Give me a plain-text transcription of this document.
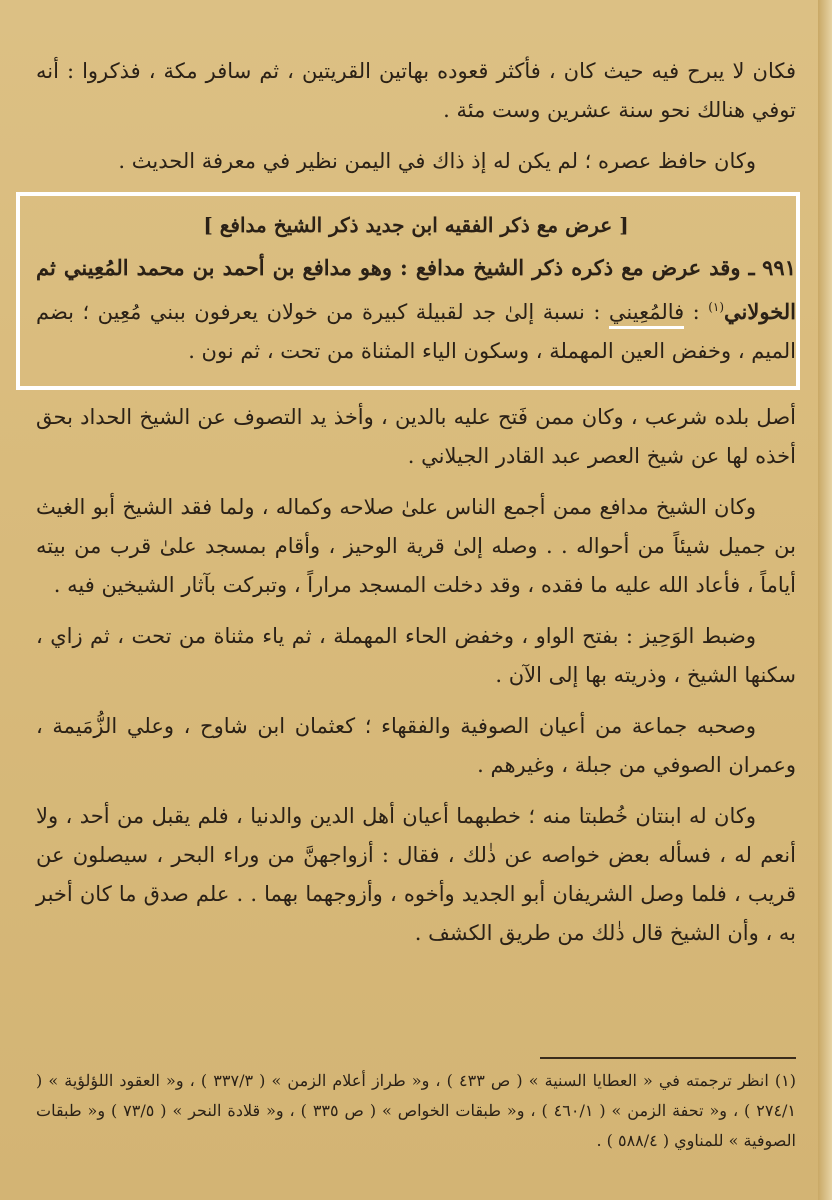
فكان لا يبرح فيه حيث كان ، فأكثر قعوده بهاتين القريتين ، ثم سافر مكة ، فذكروا : أنه توفي هنالك نحو سنة عشرين وست مئة .

وكان حافظ عصره ؛ لم يكن له إذ ذاك في اليمن نظير في معرفة الحديث .

[ عرض مع ذكر الفقيه ابن جديد ذكر الشيخ مدافع ]

٩٩١ ـ وقد عرض مع ذكره ذكر الشيخ مدافع : وهو مدافع بن أحمد بن محمد المُعِيني ثم الخولاني$^{(١)}$ : فالمُعِيني : نسبة إلىٰ جد لقبيلة كبيرة من خولان يعرفون ببني مُعِين ؛ بضم الميم ، وخفض العين المهملة ، وسكون الياء المثناة من تحت ، ثم نون .

أصل بلده شرعب ، وكان ممن فَتح عليه بالدين ، وأخذ يد التصوف عن الشيخ الحداد بحق أخذه لها عن شيخ العصر عبد القادر الجيلاني .

وكان الشيخ مدافع ممن أجمع الناس علىٰ صلاحه وكماله ، ولما فقد الشيخ أبو الغيث بن جميل شيئاً من أحواله . . وصله إلىٰ قرية الوحيز ، وأقام بمسجد علىٰ قرب من بيته أياماً ، فأعاد الله عليه ما فقده ، وقد دخلت المسجد مراراً ، وتبركت بآثار الشيخين فيه .

وضبط الوَحِيز : بفتح الواو ، وخفض الحاء المهملة ، ثم ياء مثناة من تحت ، ثم زاي ، سكنها الشيخ ، وذريته بها إلى الآن .

وصحبه جماعة من أعيان الصوفية والفقهاء ؛ كعثمان ابن شاوح ، وعلي الزُّمَيمة ، وعمران الصوفي من جبلة ، وغيرهم .

وكان له ابنتان خُطبتا منه ؛ خطبهما أعيان أهل الدين والدنيا ، فلم يقبل من أحد ، ولا أنعم له ، فسأله بعض خواصه عن ذٰلك ، فقال : أزواجهنَّ من وراء البحر ، سيصلون عن قريب ، فلما وصل الشريفان أبو الجديد وأخوه ، وأزوجهما بهما . . علم صدق ما كان أخبر به ، وأن الشيخ قال ذٰلك من طريق الكشف .

(١) انظر ترجمته في « العطايا السنية » ( ص ٤٣٣ ) ، و« طراز أعلام الزمن » ( ٣٣٧/٣ ) ، و« العقود اللؤلؤية » ( ٢٧٤/١ ) ، و« تحفة الزمن » ( ٤٦٠/١ ) ، و« طبقات الخواص » ( ص ٣٣٥ ) ، و« قلادة النحر » ( ٧٣/٥ ) و« طبقات الصوفية » للمناوي ( ٥٨٨/٤ ) .
